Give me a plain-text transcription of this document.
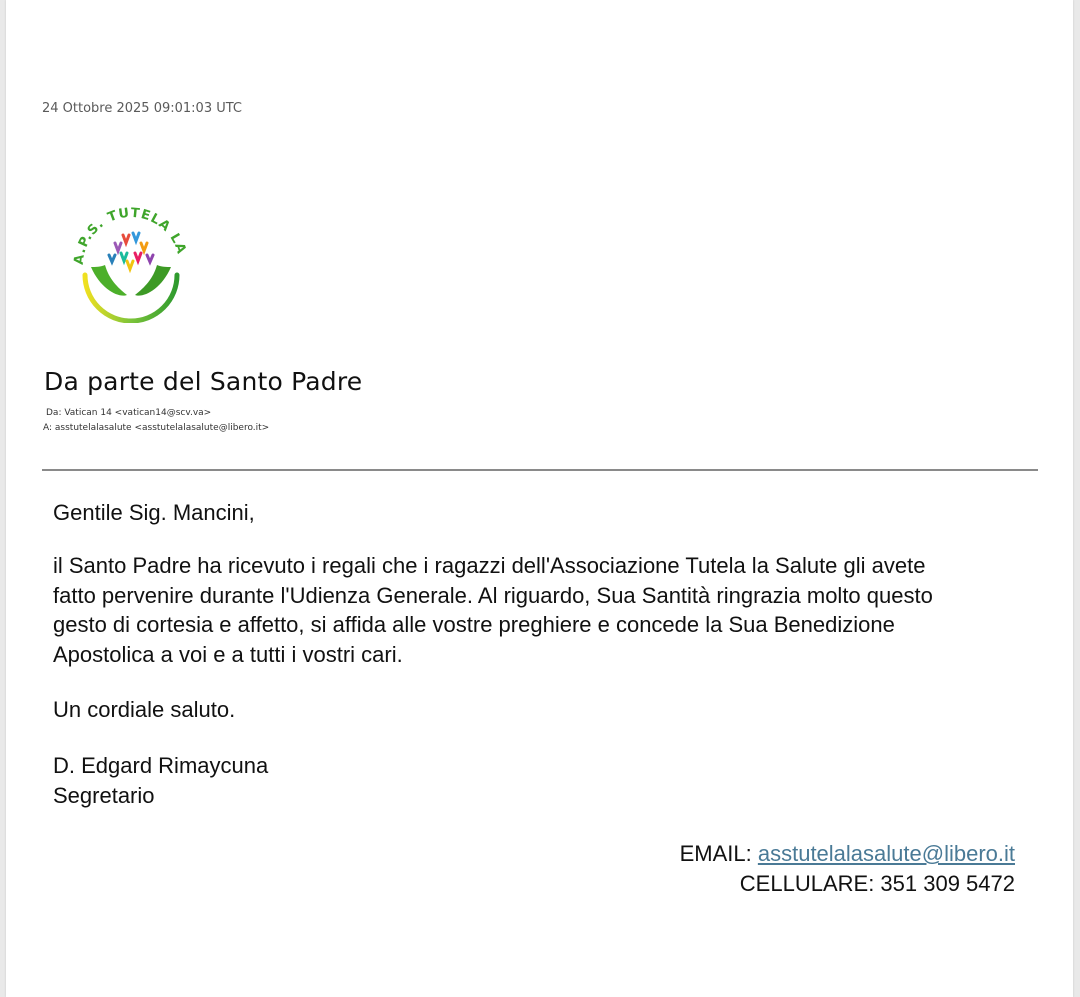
24 Ottobre 2025 09:01:03 UTC
A.P.S. TUTELA LA
Da parte del Santo Padre
Da: Vatican 14 <vatican14@scv.va>
A: asstutelalasalute <asstutelalasalute@libero.it>
Gentile Sig. Mancini,
il Santo Padre ha ricevuto i regali che i ragazzi dell'Associazione Tutela la Salute gli avete
fatto pervenire durante l'Udienza Generale. Al riguardo, Sua Santità ringrazia molto questo
gesto di cortesia e affetto, si affida alle vostre preghiere e concede la Sua Benedizione
Apostolica a voi e a tutti i vostri cari.
Un cordiale saluto.
D. Edgard Rimaycuna
Segretario
EMAIL: asstutelalasalute@libero.it
CELLULARE: 351 309 5472
